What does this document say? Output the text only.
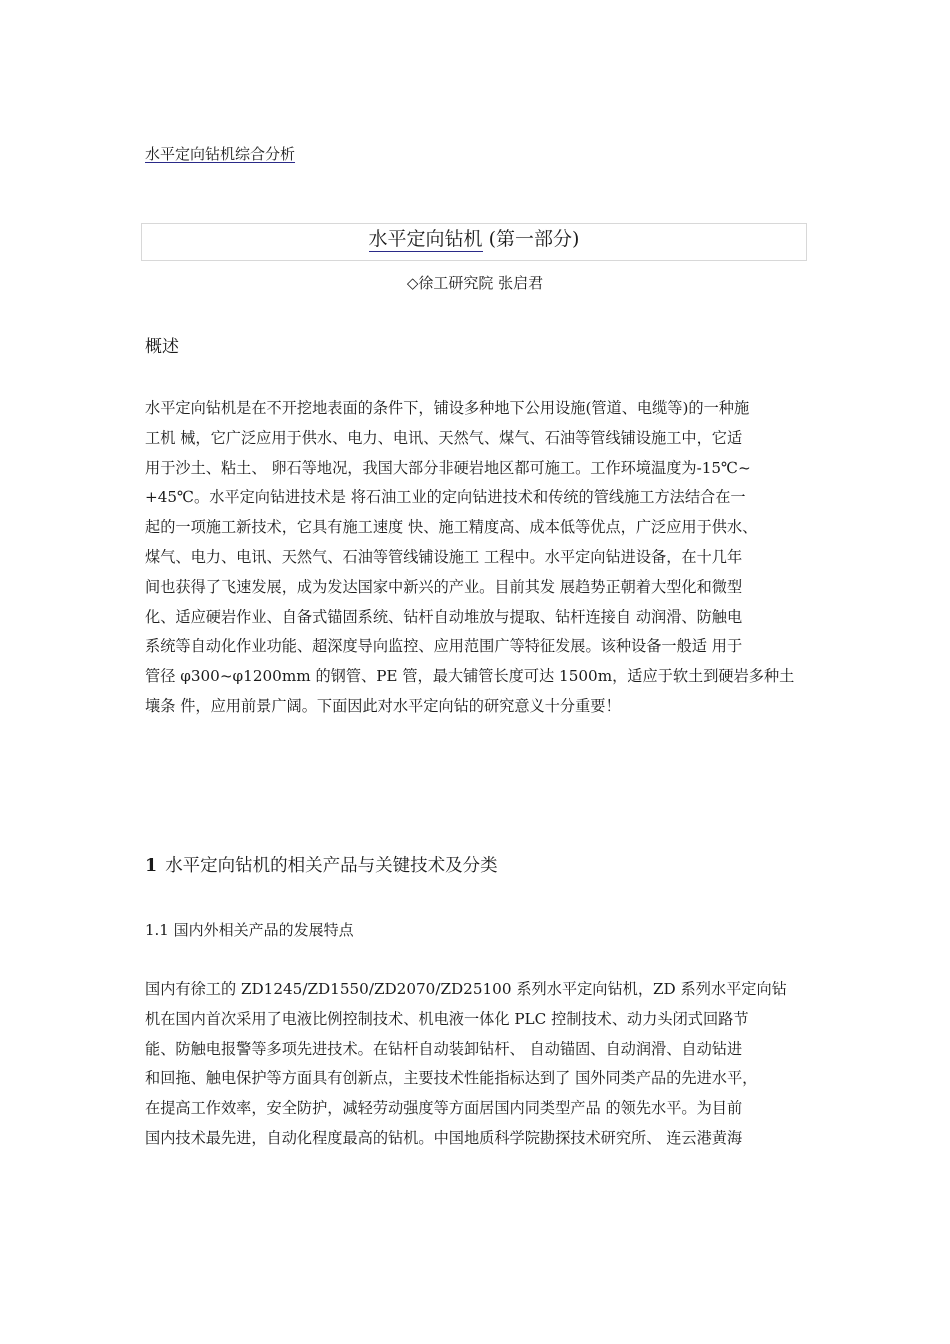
水平定向钻机综合分析
水平定向钻机 (第一部分)
◇徐工研究院 张启君
概述
水平定向钻机是在不开挖地表面的条件下，铺设多种地下公用设施(管道、电缆等)的一种施
工机 械，它广泛应用于供水、电力、电讯、天然气、煤气、石油等管线铺设施工中，它适
用于沙土、粘土、 卵石等地况，我国大部分非硬岩地区都可施工。工作环境温度为-15℃~
+45℃。水平定向钻进技术是 将石油工业的定向钻进技术和传统的管线施工方法结合在一
起的一项施工新技术，它具有施工速度 快、施工精度高、成本低等优点，广泛应用于供水、
煤气、电力、电讯、天然气、石油等管线铺设施工 工程中。水平定向钻进设备，在十几年
间也获得了飞速发展，成为发达国家中新兴的产业。目前其发 展趋势正朝着大型化和微型
化、适应硬岩作业、自备式锚固系统、钻杆自动堆放与提取、钻杆连接自 动润滑、防触电
系统等自动化作业功能、超深度导向监控、应用范围广等特征发展。该种设备一般适 用于
管径 φ300~φ1200mm 的钢管、PE 管，最大铺管长度可达 1500m，适应于软土到硬岩多种土
壤条 件，应用前景广阔。下面因此对水平定向钻的研究意义十分重要！
1 水平定向钻机的相关产品与关键技术及分类
1.1 国内外相关产品的发展特点
国内有徐工的 ZD1245/ZD1550/ZD2070/ZD25100 系列水平定向钻机，ZD 系列水平定向钻
机在国内首次采用了电液比例控制技术、机电液一体化 PLC 控制技术、动力头闭式回路节
能、防触电报警等多项先进技术。在钻杆自动装卸钻杆、 自动锚固、自动润滑、自动钻进
和回拖、触电保护等方面具有创新点，主要技术性能指标达到了 国外同类产品的先进水平，
在提高工作效率，安全防护，减轻劳动强度等方面居国内同类型产品 的领先水平。为目前
国内技术最先进，自动化程度最高的钻机。中国地质科学院勘探技术研究所、 连云港黄海
